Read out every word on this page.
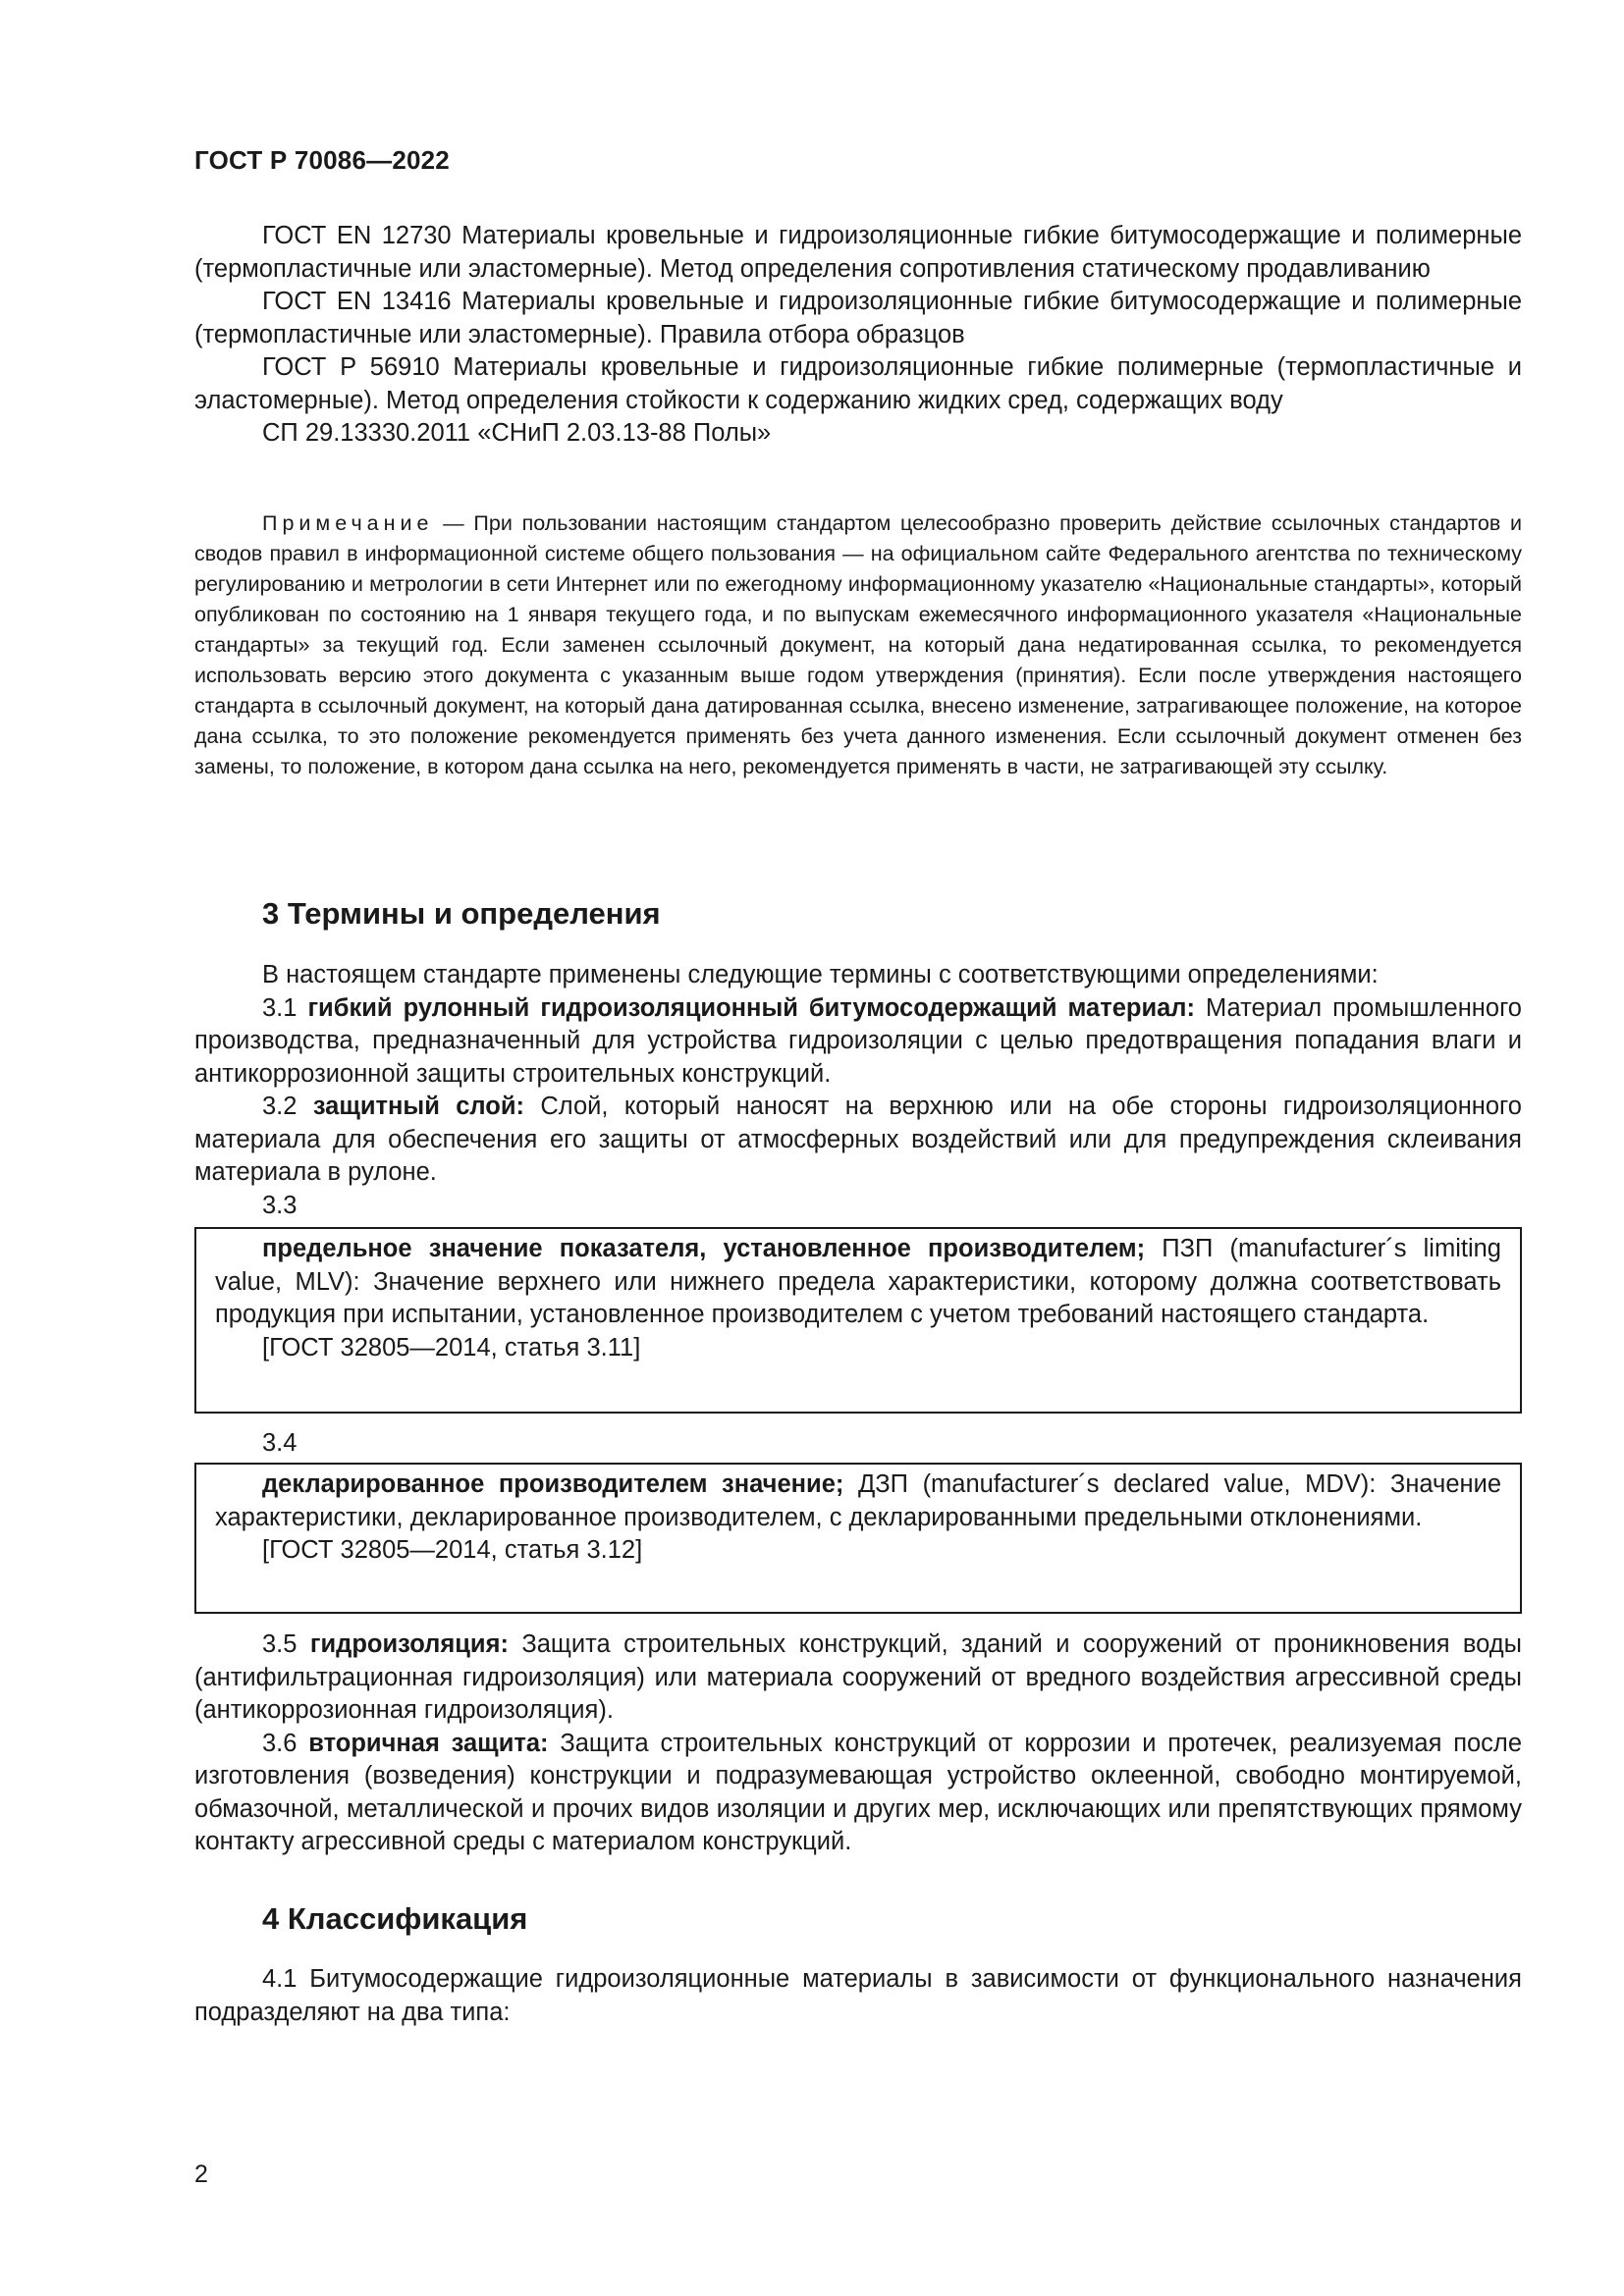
ГОСТ Р 70086—2022

ГОСТ EN 12730 Материалы кровельные и гидроизоляционные гибкие битумосодержащие и полимерные (термопластичные или эластомерные). Метод определения сопротивления статическому продавливанию

ГОСТ EN 13416 Материалы кровельные и гидроизоляционные гибкие битумосодержащие и полимерные (термопластичные или эластомерные). Правила отбора образцов

ГОСТ Р 56910 Материалы кровельные и гидроизоляционные гибкие полимерные (термопластичные и эластомерные). Метод определения стойкости к содержанию жидких сред, содержащих воду

СП 29.13330.2011 «СНиП 2.03.13-88 Полы»

Примечание — При пользовании настоящим стандартом целесообразно проверить действие ссылочных стандартов и сводов правил в информационной системе общего пользования — на официальном сайте Федерального агентства по техническому регулированию и метрологии в сети Интернет или по ежегодному информационному указателю «Национальные стандарты», который опубликован по состоянию на 1 января текущего года, и по выпускам ежемесячного информационного указателя «Национальные стандарты» за текущий год. Если заменен ссылочный документ, на который дана недатированная ссылка, то рекомендуется использовать версию этого документа с указанным выше годом утверждения (принятия). Если после утверждения настоящего стандарта в ссылочный документ, на который дана датированная ссылка, внесено изменение, затрагивающее положение, на которое дана ссылка, то это положение рекомендуется применять без учета данного изменения. Если ссылочный документ отменен без замены, то положение, в котором дана ссылка на него, рекомендуется применять в части, не затрагивающей эту ссылку.

3 Термины и определения

В настоящем стандарте применены следующие термины с соответствующими определениями:

3.1 гибкий рулонный гидроизоляционный битумосодержащий материал: Материал промышленного производства, предназначенный для устройства гидроизоляции с целью предотвращения попадания влаги и антикоррозионной защиты строительных конструкций.

3.2 защитный слой: Слой, который наносят на верхнюю или на обе стороны гидроизоляционного материала для обеспечения его защиты от атмосферных воздействий или для предупреждения склеивания материала в рулоне.

3.3

предельное значение показателя, установленное производителем; ПЗП (manufacturer´s limiting value, MLV): Значение верхнего или нижнего предела характеристики, которому должна соответствовать продукция при испытании, установленное производителем с учетом требований настоящего стандарта.

[ГОСТ 32805—2014, статья 3.11]

3.4

декларированное производителем значение; ДЗП (manufacturer´s declared value, MDV): Значение характеристики, декларированное производителем, с декларированными предельными отклонениями.

[ГОСТ 32805—2014, статья 3.12]

3.5 гидроизоляция: Защита строительных конструкций, зданий и сооружений от проникновения воды (антифильтрационная гидроизоляция) или материала сооружений от вредного воздействия агрессивной среды (антикоррозионная гидроизоляция).

3.6 вторичная защита: Защита строительных конструкций от коррозии и протечек, реализуемая после изготовления (возведения) конструкции и подразумевающая устройство оклеенной, свободно монтируемой, обмазочной, металлической и прочих видов изоляции и других мер, исключающих или препятствующих прямому контакту агрессивной среды с материалом конструкций.

4 Классификация

4.1 Битумосодержащие гидроизоляционные материалы в зависимости от функционального назначения подразделяют на два типа:

2
